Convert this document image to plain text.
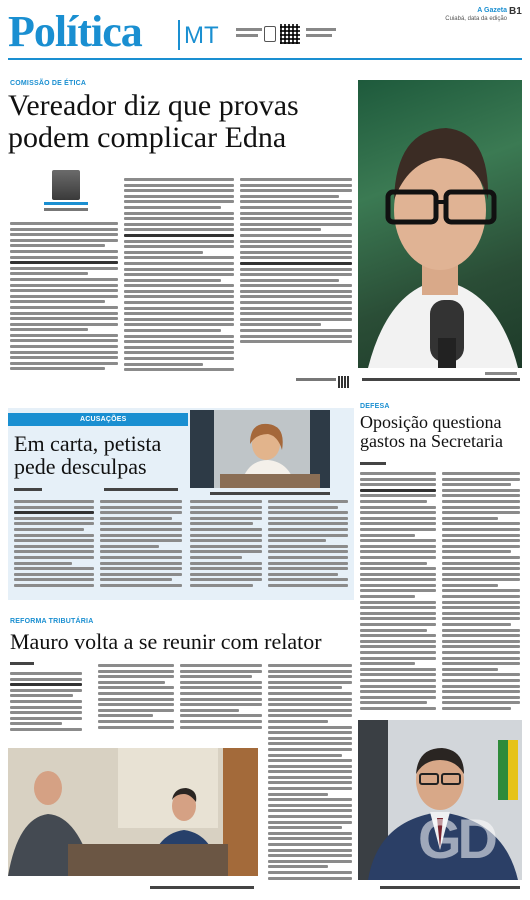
Política MT
A Gazeta
Cuiabá, data da edição
B1
COMISSÃO DE ÉTICA
Vereador diz que provas
podem complicar Edna
ACUSAÇÕES
Em carta, petista
pede desculpas
DEFESA
Oposição questiona
gastos na Secretaria
REFORMA TRIBUTÁRIA
Mauro volta a se reunir com relator
GD
